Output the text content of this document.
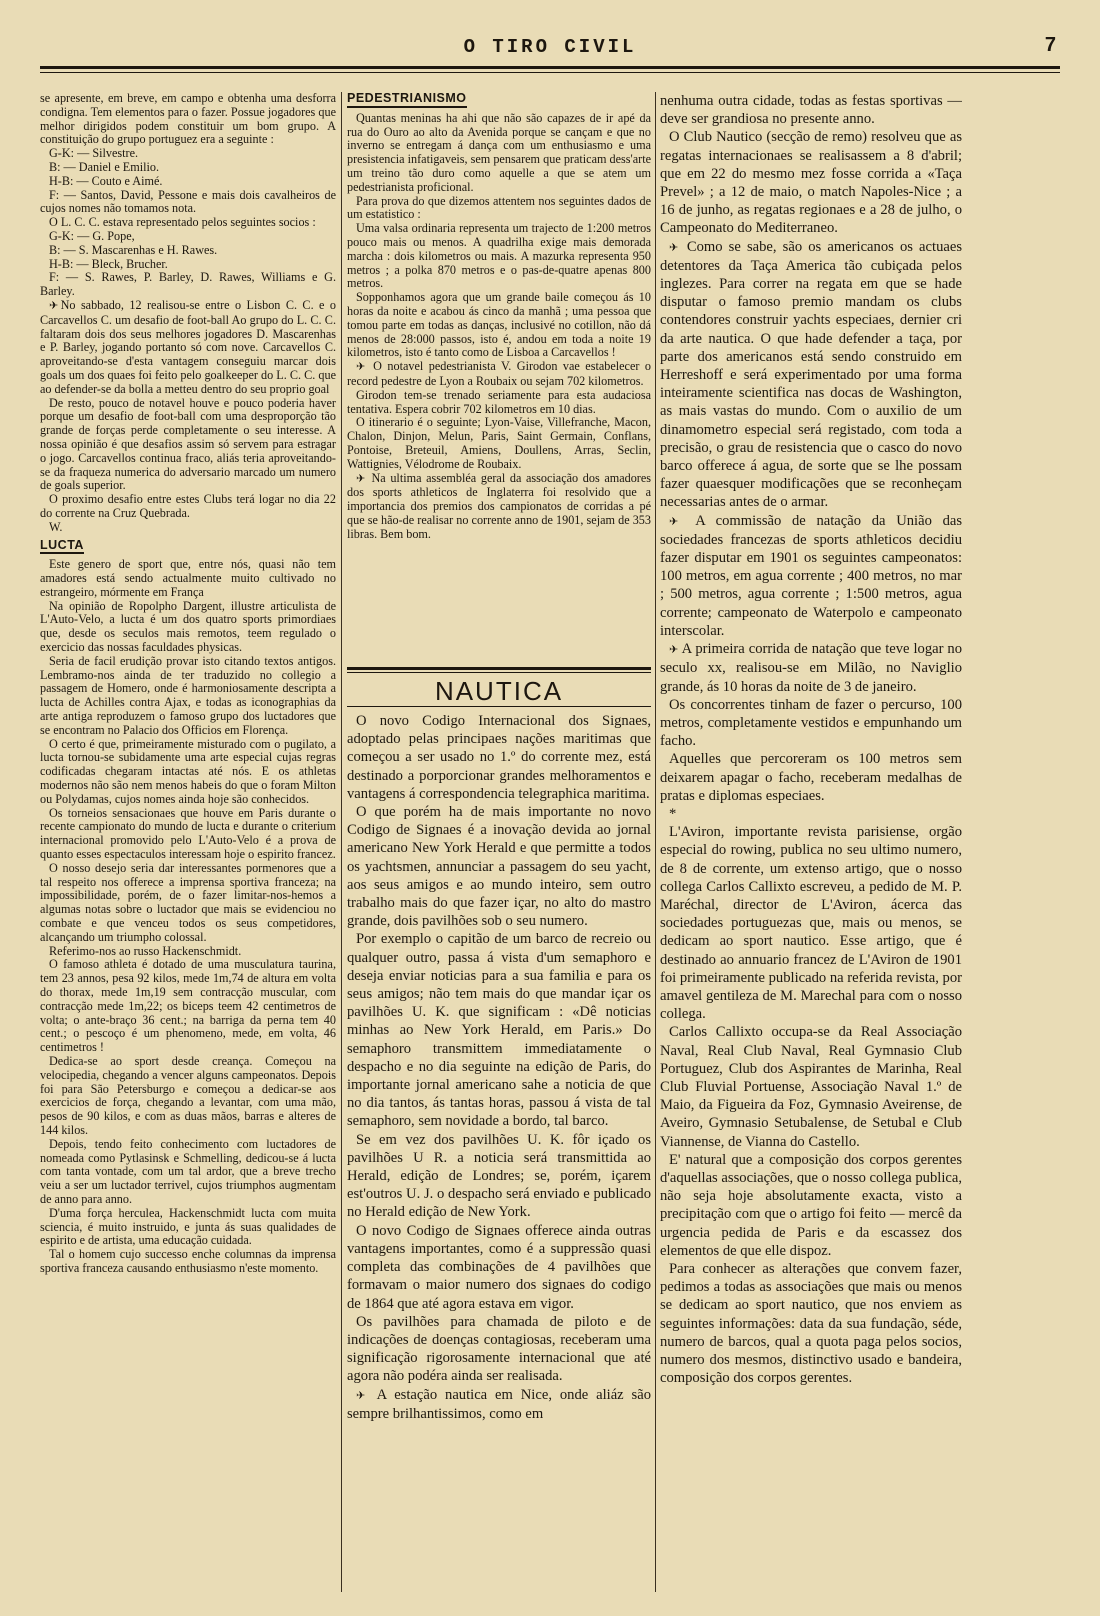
O TIRO CIVIL	7

se apresente, em breve, em campo e obtenha uma desforra condigna. Tem elementos para o fazer. Possue jogadores que melhor dirigidos podem constituir um bom grupo. A constituição do grupo portuguez era a seguinte :

G-K: — Silvestre.

B: — Daniel e Emilio.

H-B: — Couto e Aimé.

F: — Santos, David, Pessone e mais dois cavalheiros de cujos nomes não tomamos nota.

O L. C. C. estava representado pelos seguintes socios :

G-K: — G. Pope,

B: — S. Mascarenhas e H. Rawes.

H-B: — Bleck, Brucher.

F: — S. Rawes, P. Barley, D. Rawes, Williams e G. Barley.

✈No sabbado, 12 realisou-se entre o Lisbon C. C. e o Carcavellos C. um desafio de foot-ball Ao grupo do L. C. C. faltaram dois dos seus melhores jogadores D. Mascarenhas e P. Barley, jogando portanto só com nove. Carcavellos C. aproveitando-se d'esta vantagem conseguiu marcar dois goals um dos quaes foi feito pelo goalkeeper do L. C. C. que ao defender-se da bolla a metteu dentro do seu proprio goal

De resto, pouco de notavel houve e pouco poderia haver porque um desafio de foot-ball com uma desproporção tão grande de forças perde completamente o seu interesse. A nossa opinião é que desafios assim só servem para estragar o jogo. Carcavellos continua fraco, aliás teria aproveitando-se da fraqueza numerica do adversario marcado um numero de goals superior.

O proximo desafio entre estes Clubs terá logar no dia 22 do corrente na Cruz Quebrada.

W.

LUCTA

Este genero de sport que, entre nós, quasi não tem amadores está sendo actualmente muito cultivado no estrangeiro, mórmente em França

Na opinião de Ropolpho Dargent, illustre articulista de L'Auto-Velo, a lucta é um dos quatro sports primordiaes que, desde os seculos mais remotos, teem regulado o exercicio das nossas faculdades physicas.

Seria de facil erudição provar isto citando textos antigos. Lembramo-nos ainda de ter traduzido no collegio a passagem de Homero, onde é harmoniosamente descripta a lucta de Achilles contra Ajax, e todas as iconographias da arte antiga reproduzem o famoso grupo dos luctadores que se encontram no Palacio dos Officios em Florença.

O certo é que, primeiramente misturado com o pugilato, a lucta tornou-se subidamente uma arte especial cujas regras codificadas chegaram intactas até nós. E os athletas modernos não são nem menos habeis do que o foram Milton ou Polydamas, cujos nomes ainda hoje são conhecidos.

Os torneios sensacionaes que houve em Paris durante o recente campionato do mundo de lucta e durante o criterium internacional promovido pelo L'Auto-Velo é a prova de quanto esses espectaculos interessam hoje o espirito francez.

O nosso desejo seria dar interessantes pormenores que a tal respeito nos offerece a imprensa sportiva franceza; na impossibilidade, porém, de o fazer limitar-nos-hemos a algumas notas sobre o luctador que mais se evidenciou no combate e que venceu todos os seus competidores, alcançando um triumpho colossal.

Referimo-nos ao russo Hackenschmidt.

O famoso athleta é dotado de uma musculatura taurina, tem 23 annos, pesa 92 kilos, mede 1m,74 de altura em volta do thorax, mede 1m,19 sem contracção muscular, com contracção mede 1m,22; os biceps teem 42 centimetros de volta; o ante-braço 36 cent.; na barriga da perna tem 40 cent.; o pescoço é um phenomeno, mede, em volta, 46 centimetros !

Dedica-se ao sport desde creança. Começou na velocipedia, chegando a vencer alguns campeonatos. Depois foi para São Petersburgo e começou a dedicar-se aos exercicios de força, chegando a levantar, com uma mão, pesos de 90 kilos, e com as duas mãos, barras e alteres de 144 kilos.

Depois, tendo feito conhecimento com luctadores de nomeada como Pytlasinsk e Schmelling, dedicou-se á lucta com tanta vontade, com um tal ardor, que a breve trecho veiu a ser um luctador terrivel, cujos triumphos augmentam de anno para anno.

D'uma força herculea, Hackenschmidt lucta com muita sciencia, é muito instruido, e junta ás suas qualidades de espirito e de artista, uma educação cuidada.

Tal o homem cujo successo enche columnas da imprensa sportiva franceza causando enthusiasmo n'este momento.

PEDESTRIANISMO

Quantas meninas ha ahi que não são capazes de ir apé da rua do Ouro ao alto da Avenida porque se cançam e que no inverno se entregam á dança com um enthusiasmo e uma presistencia infatigaveis, sem pensarem que praticam dess'arte um treino tão duro como aquelle a que se atem um pedestrianista proficional.

Para prova do que dizemos attentem nos seguintes dados de um estatistico :

Uma valsa ordinaria representa um trajecto de 1:200 metros pouco mais ou menos. A quadrilha exige mais demorada marcha : dois kilometros ou mais. A mazurka representa 950 metros ; a polka 870 metros e o pas-de-quatre apenas 800 metros.

Sopponhamos agora que um grande baile começou ás 10 horas da noite e acabou ás cinco da manhã ; uma pessoa que tomou parte em todas as danças, inclusivé no cotillon, não dá menos de 28:000 passos, isto é, andou em toda a noite 19 kilometros, isto é tanto como de Lisboa a Carcavellos !

✈ O notavel pedestrianista V. Girodon vae estabelecer o record pedestre de Lyon a Roubaix ou sejam 702 kilometros.

Girodon tem-se trenado seriamente para esta audaciosa tentativa. Espera cobrir 702 kilometros em 10 dias.

O itinerario é o seguinte; Lyon-Vaise, Villefranche, Macon, Chalon, Dinjon, Melun, Paris, Saint Germain, Conflans, Pontoise, Breteuil, Amiens, Doullens, Arras, Seclin, Wattignies, Vélodrome de Roubaix.

✈ Na ultima assembléa geral da associação dos amadores dos sports athleticos de Inglaterra foi resolvido que a importancia dos premios dos campionatos de corridas a pé que se hão-de realisar no corrente anno de 1901, sejam de 353 libras. Bem bom.

NAUTICA

O novo Codigo Internacional dos Signaes, adoptado pelas principaes nações maritimas que começou a ser usado no 1.º do corrente mez, está destinado a porporcionar grandes melhoramentos e vantagens á correspondencia telegraphica maritima.

O que porém ha de mais importante no novo Codigo de Signaes é a inovação devida ao jornal americano New York Herald e que permitte a todos os yachtsmen, annunciar a passagem do seu yacht, aos seus amigos e ao mundo inteiro, sem outro trabalho mais do que fazer içar, no alto do mastro grande, dois pavilhões sob o seu numero.

Por exemplo o capitão de um barco de recreio ou qualquer outro, passa á vista d'um semaphoro e deseja enviar noticias para a sua familia e para os seus amigos; não tem mais do que mandar içar os pavilhões U. K. que significam : «Dê noticias minhas ao New York Herald, em Paris.» Do semaphoro transmittem immediatamente o despacho e no dia seguinte na edição de Paris, do importante jornal americano sahe a noticia de que no dia tantos, ás tantas horas, passou á vista de tal semaphoro, sem novidade a bordo, tal barco.

Se em vez dos pavilhões U. K. fôr içado os pavilhões U R. a noticia será transmittida ao Herald, edição de Londres; se, porém, içarem est'outros U. J. o despacho será enviado e publicado no Herald edição de New York.

O novo Codigo de Signaes offerece ainda outras vantagens importantes, como é a suppressão quasi completa das combinações de 4 pavilhões que formavam o maior numero dos signaes do codigo de 1864 que até agora estava em vigor.

Os pavilhões para chamada de piloto e de indicações de doenças contagiosas, receberam uma significação rigorosamente internacional que até agora não podéra ainda ser realisada.

✈ A estação nautica em Nice, onde aliáz são sempre brilhantissimos, como em

nenhuma outra cidade, todas as festas sportivas — deve ser grandiosa no presente anno.

O Club Nautico (secção de remo) resolveu que as regatas internacionaes se realisassem a 8 d'abril; que em 22 do mesmo mez fosse corrida a «Taça Prevel» ; a 12 de maio, o match Napoles-Nice ; a 16 de junho, as regatas regionaes e a 28 de julho, o Campeonato do Mediterraneo.

✈ Como se sabe, são os americanos os actuaes detentores da Taça America tão cubiçada pelos inglezes. Para correr na regata em que se hade disputar o famoso premio mandam os clubs contendores construir yachts especiaes, dernier cri da arte nautica. O que hade defender a taça, por parte dos americanos está sendo construido em Herreshoff e será experimentado por uma forma inteiramente scientifica nas docas de Washington, as mais vastas do mundo. Com o auxilio de um dinamometro especial será registado, com toda a precisão, o grau de resistencia que o casco do novo barco offerece á agua, de sorte que se lhe possam fazer quaesquer modificações que se reconheçam necessarias antes de o armar.

✈ A commissão de natação da União das sociedades francezas de sports athleticos decidiu fazer disputar em 1901 os seguintes campeonatos: 100 metros, em agua corrente ; 400 metros, no mar ; 500 metros, agua corrente ; 1:500 metros, agua corrente; campeonato de Waterpolo e campeonato interscolar.

✈ A primeira corrida de natação que teve logar no seculo xx, realisou-se em Milão, no Naviglio grande, ás 10 horas da noite de 3 de janeiro.

Os concorrentes tinham de fazer o percurso, 100 metros, completamente vestidos e empunhando um facho.

Aquelles que percoreram os 100 metros sem deixarem apagar o facho, receberam medalhas de pratas e diplomas especiaes.

*

L'Aviron, importante revista parisiense, orgão especial do rowing, publica no seu ultimo numero, de 8 de corrente, um extenso artigo, que o nosso collega Carlos Callixto escreveu, a pedido de M. P. Maréchal, director de L'Aviron, ácerca das sociedades portuguezas que, mais ou menos, se dedicam ao sport nautico. Esse artigo, que é destinado ao annuario francez de L'Aviron de 1901 foi primeiramente publicado na referida revista, por amavel gentileza de M. Marechal para com o nosso collega.

Carlos Callixto occupa-se da Real Associação Naval, Real Club Naval, Real Gymnasio Club Portuguez, Club dos Aspirantes de Marinha, Real Club Fluvial Portuense, Associação Naval 1.º de Maio, da Figueira da Foz, Gymnasio Aveirense, de Aveiro, Gymnasio Setubalense, de Setubal e Club Viannense, de Vianna do Castello.

E' natural que a composição dos corpos gerentes d'aquellas associações, que o nosso collega publica, não seja hoje absolutamente exacta, visto a precipitação com que o artigo foi feito — mercê da urgencia pedida de Paris e da escassez dos elementos de que elle dispoz.

Para conhecer as alterações que convem fazer, pedimos a todas as associações que mais ou menos se dedicam ao sport nautico, que nos enviem as seguintes informações: data da sua fundação, séde, numero de barcos, qual a quota paga pelos socios, numero dos mesmos, distinctivo usado e bandeira, composição dos corpos gerentes.
